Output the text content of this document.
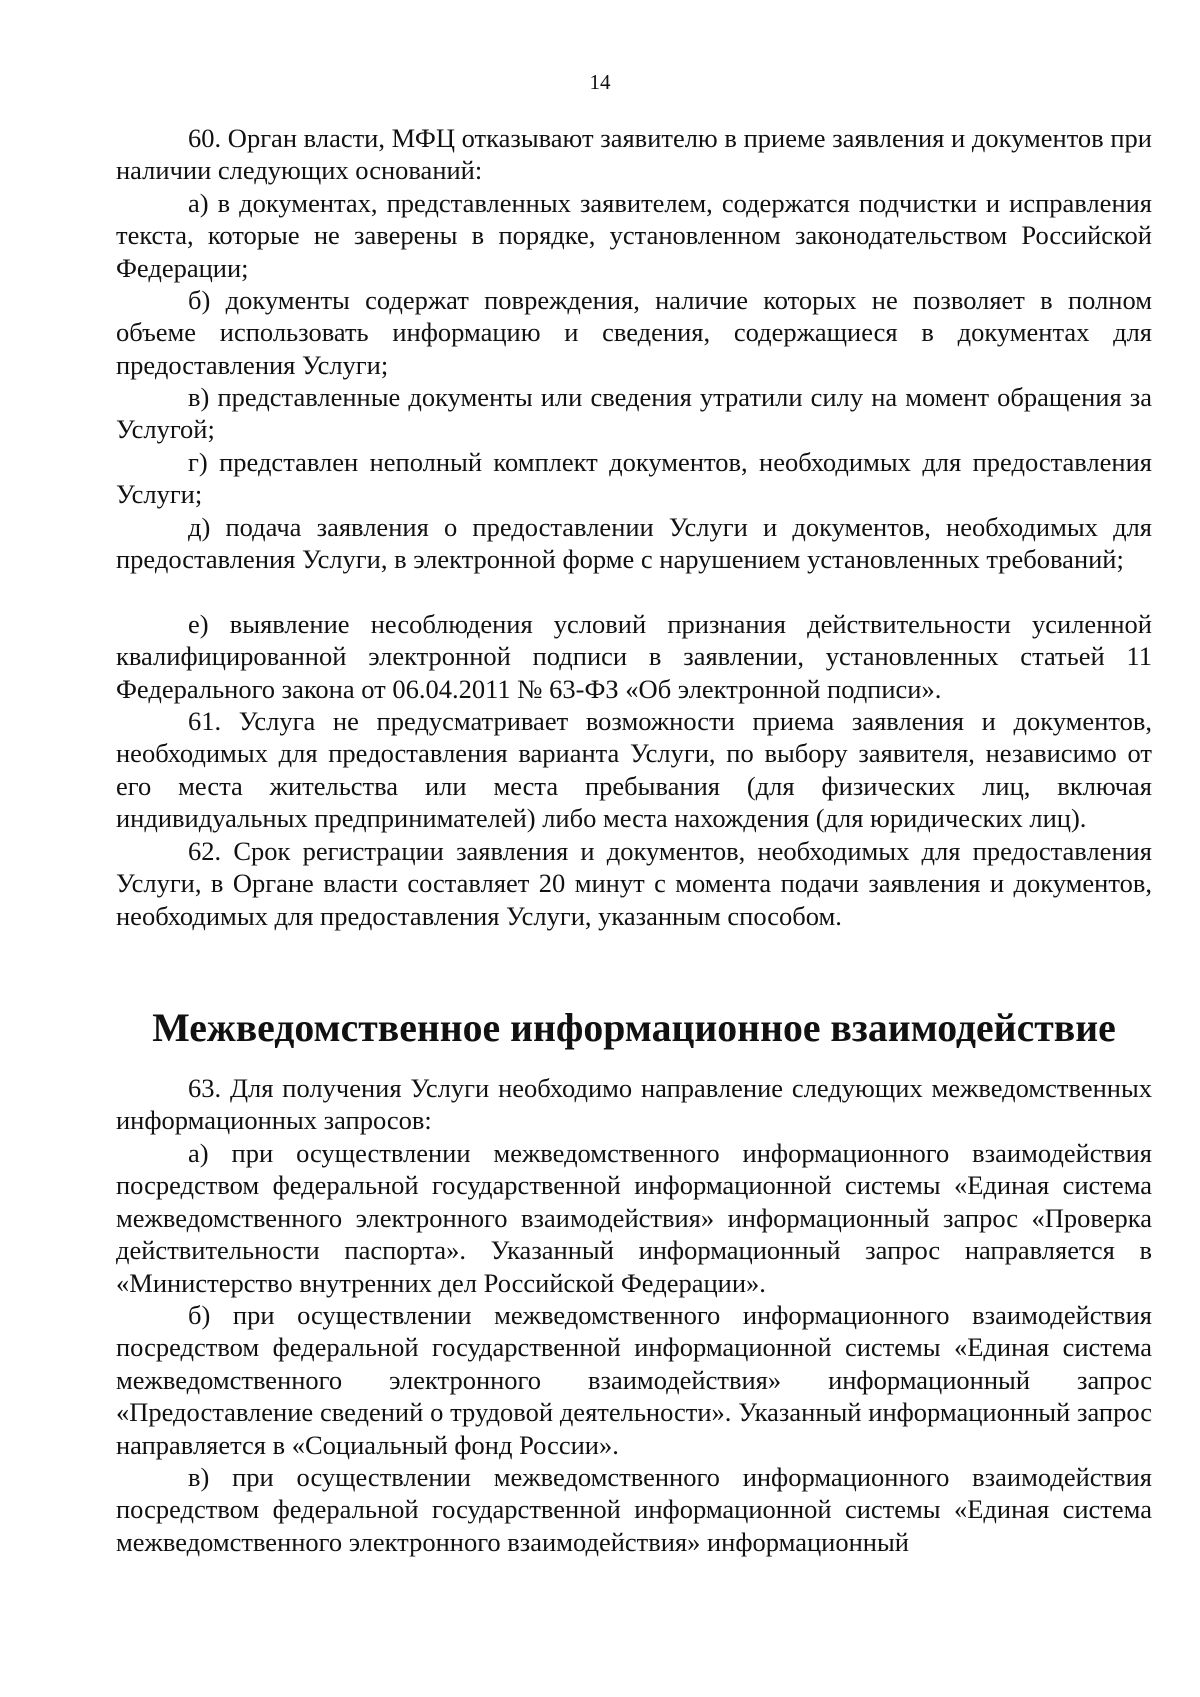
14

60. Орган власти, МФЦ отказывают заявителю в приеме заявления и документов при наличии следующих оснований:

а) в документах, представленных заявителем, содержатся подчистки и исправления текста, которые не заверены в порядке, установленном законодательством Российской Федерации;

б) документы содержат повреждения, наличие которых не позволяет в полном объеме использовать информацию и сведения, содержащиеся в документах для предоставления Услуги;

в) представленные документы или сведения утратили силу на момент обращения за Услугой;

г) представлен неполный комплект документов, необходимых для предоставления Услуги;

д) подача заявления о предоставлении Услуги и документов, необходимых для предоставления Услуги, в электронной форме с нарушением установленных требований;

е) выявление несоблюдения условий признания действительности усиленной квалифицированной электронной подписи в заявлении, установленных статьей 11 Федерального закона от 06.04.2011 № 63-ФЗ «Об электронной подписи».

61. Услуга не предусматривает возможности приема заявления и документов, необходимых для предоставления варианта Услуги, по выбору заявителя, независимо от его места жительства или места пребывания (для физических лиц, включая индивидуальных предпринимателей) либо места нахождения (для юридических лиц).

62. Срок регистрации заявления и документов, необходимых для предоставления Услуги, в Органе власти составляет 20 минут с момента подачи заявления и документов, необходимых для предоставления Услуги, указанным способом.

Межведомственное информационное взаимодействие

63. Для получения Услуги необходимо направление следующих межведомственных информационных запросов:

а) при осуществлении межведомственного информационного взаимодействия посредством федеральной государственной информационной системы «Единая система межведомственного электронного взаимодействия» информационный запрос «Проверка действительности паспорта». Указанный информационный запрос направляется в «Министерство внутренних дел Российской Федерации».

б) при осуществлении межведомственного информационного взаимодействия посредством федеральной государственной информационной системы «Единая система межведомственного электронного взаимодействия» информационный запрос «Предоставление сведений о трудовой деятельности». Указанный информационный запрос направляется в «Социальный фонд России».

в) при осуществлении межведомственного информационного взаимодействия посредством федеральной государственной информационной системы «Единая система межведомственного электронного взаимодействия» информационный
